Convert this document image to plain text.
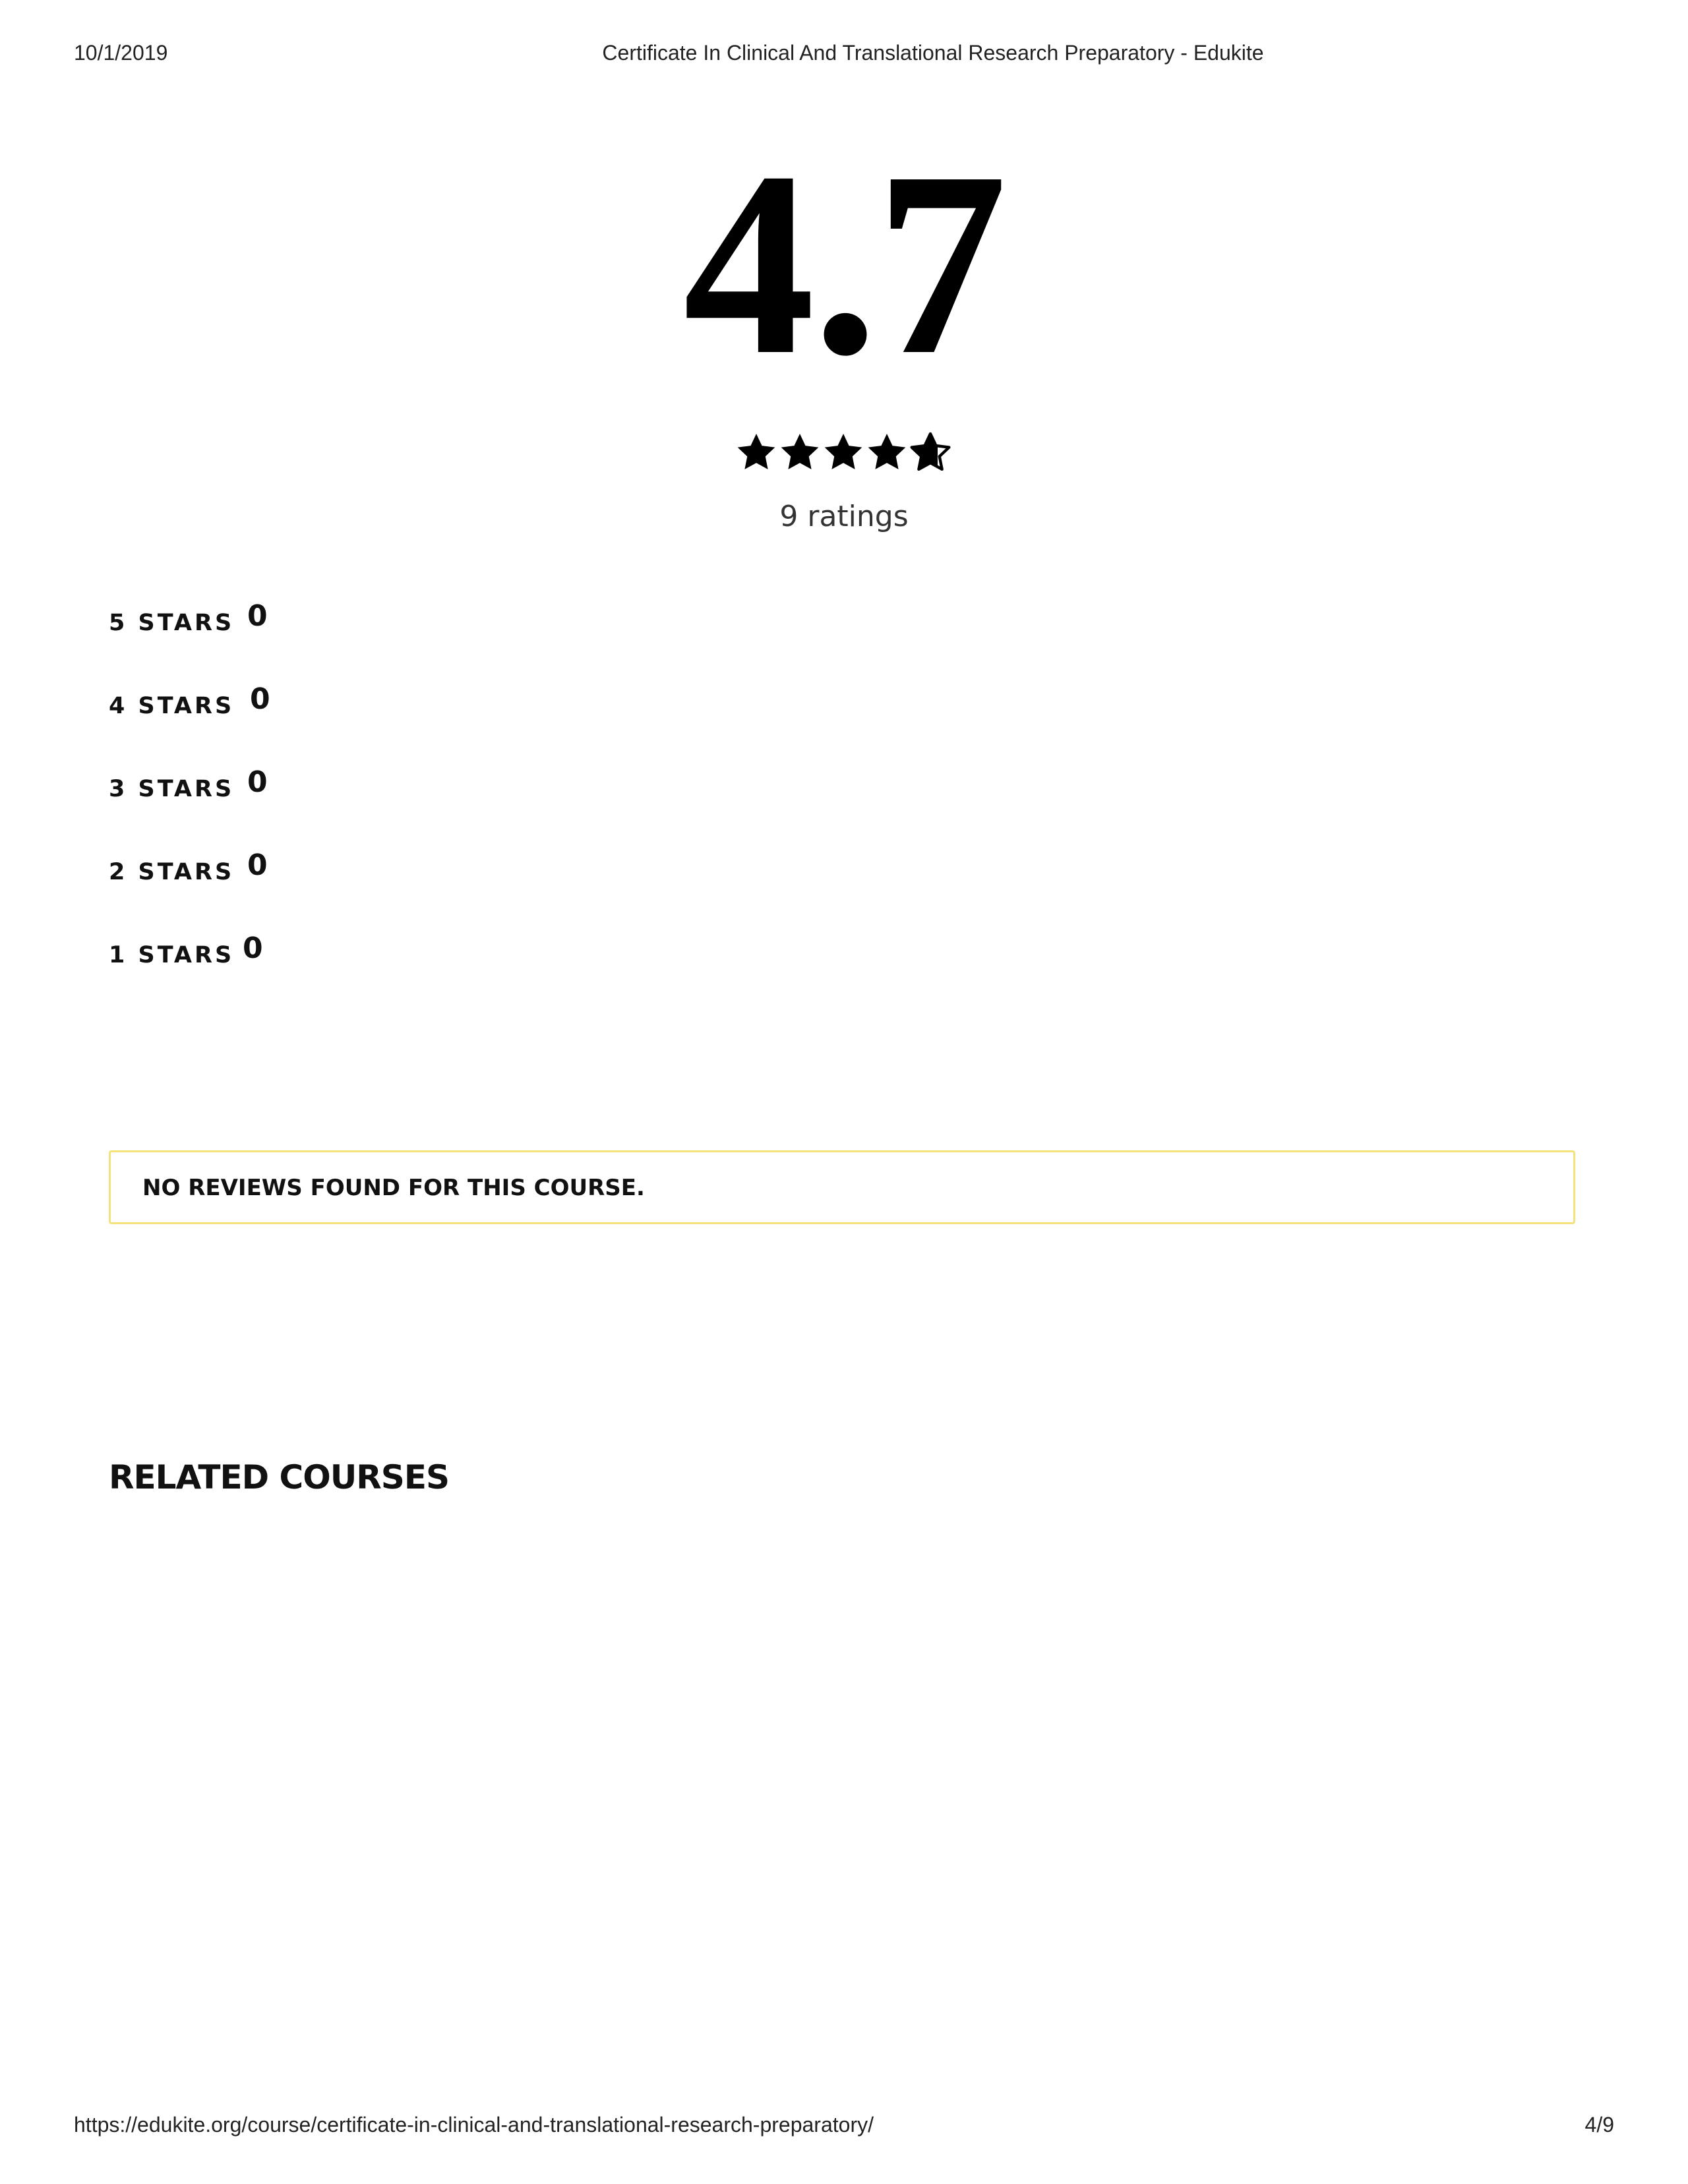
10/1/2019	Certificate In Clinical And Translational Research Preparatory - Edukite
4.7
9 ratings
5 STARS 0
4 STARS 0
3 STARS 0
2 STARS 0
1 STARS 0
NO REVIEWS FOUND FOR THIS COURSE.
RELATED COURSES
https://edukite.org/course/certificate-in-clinical-and-translational-research-preparatory/	4/9
